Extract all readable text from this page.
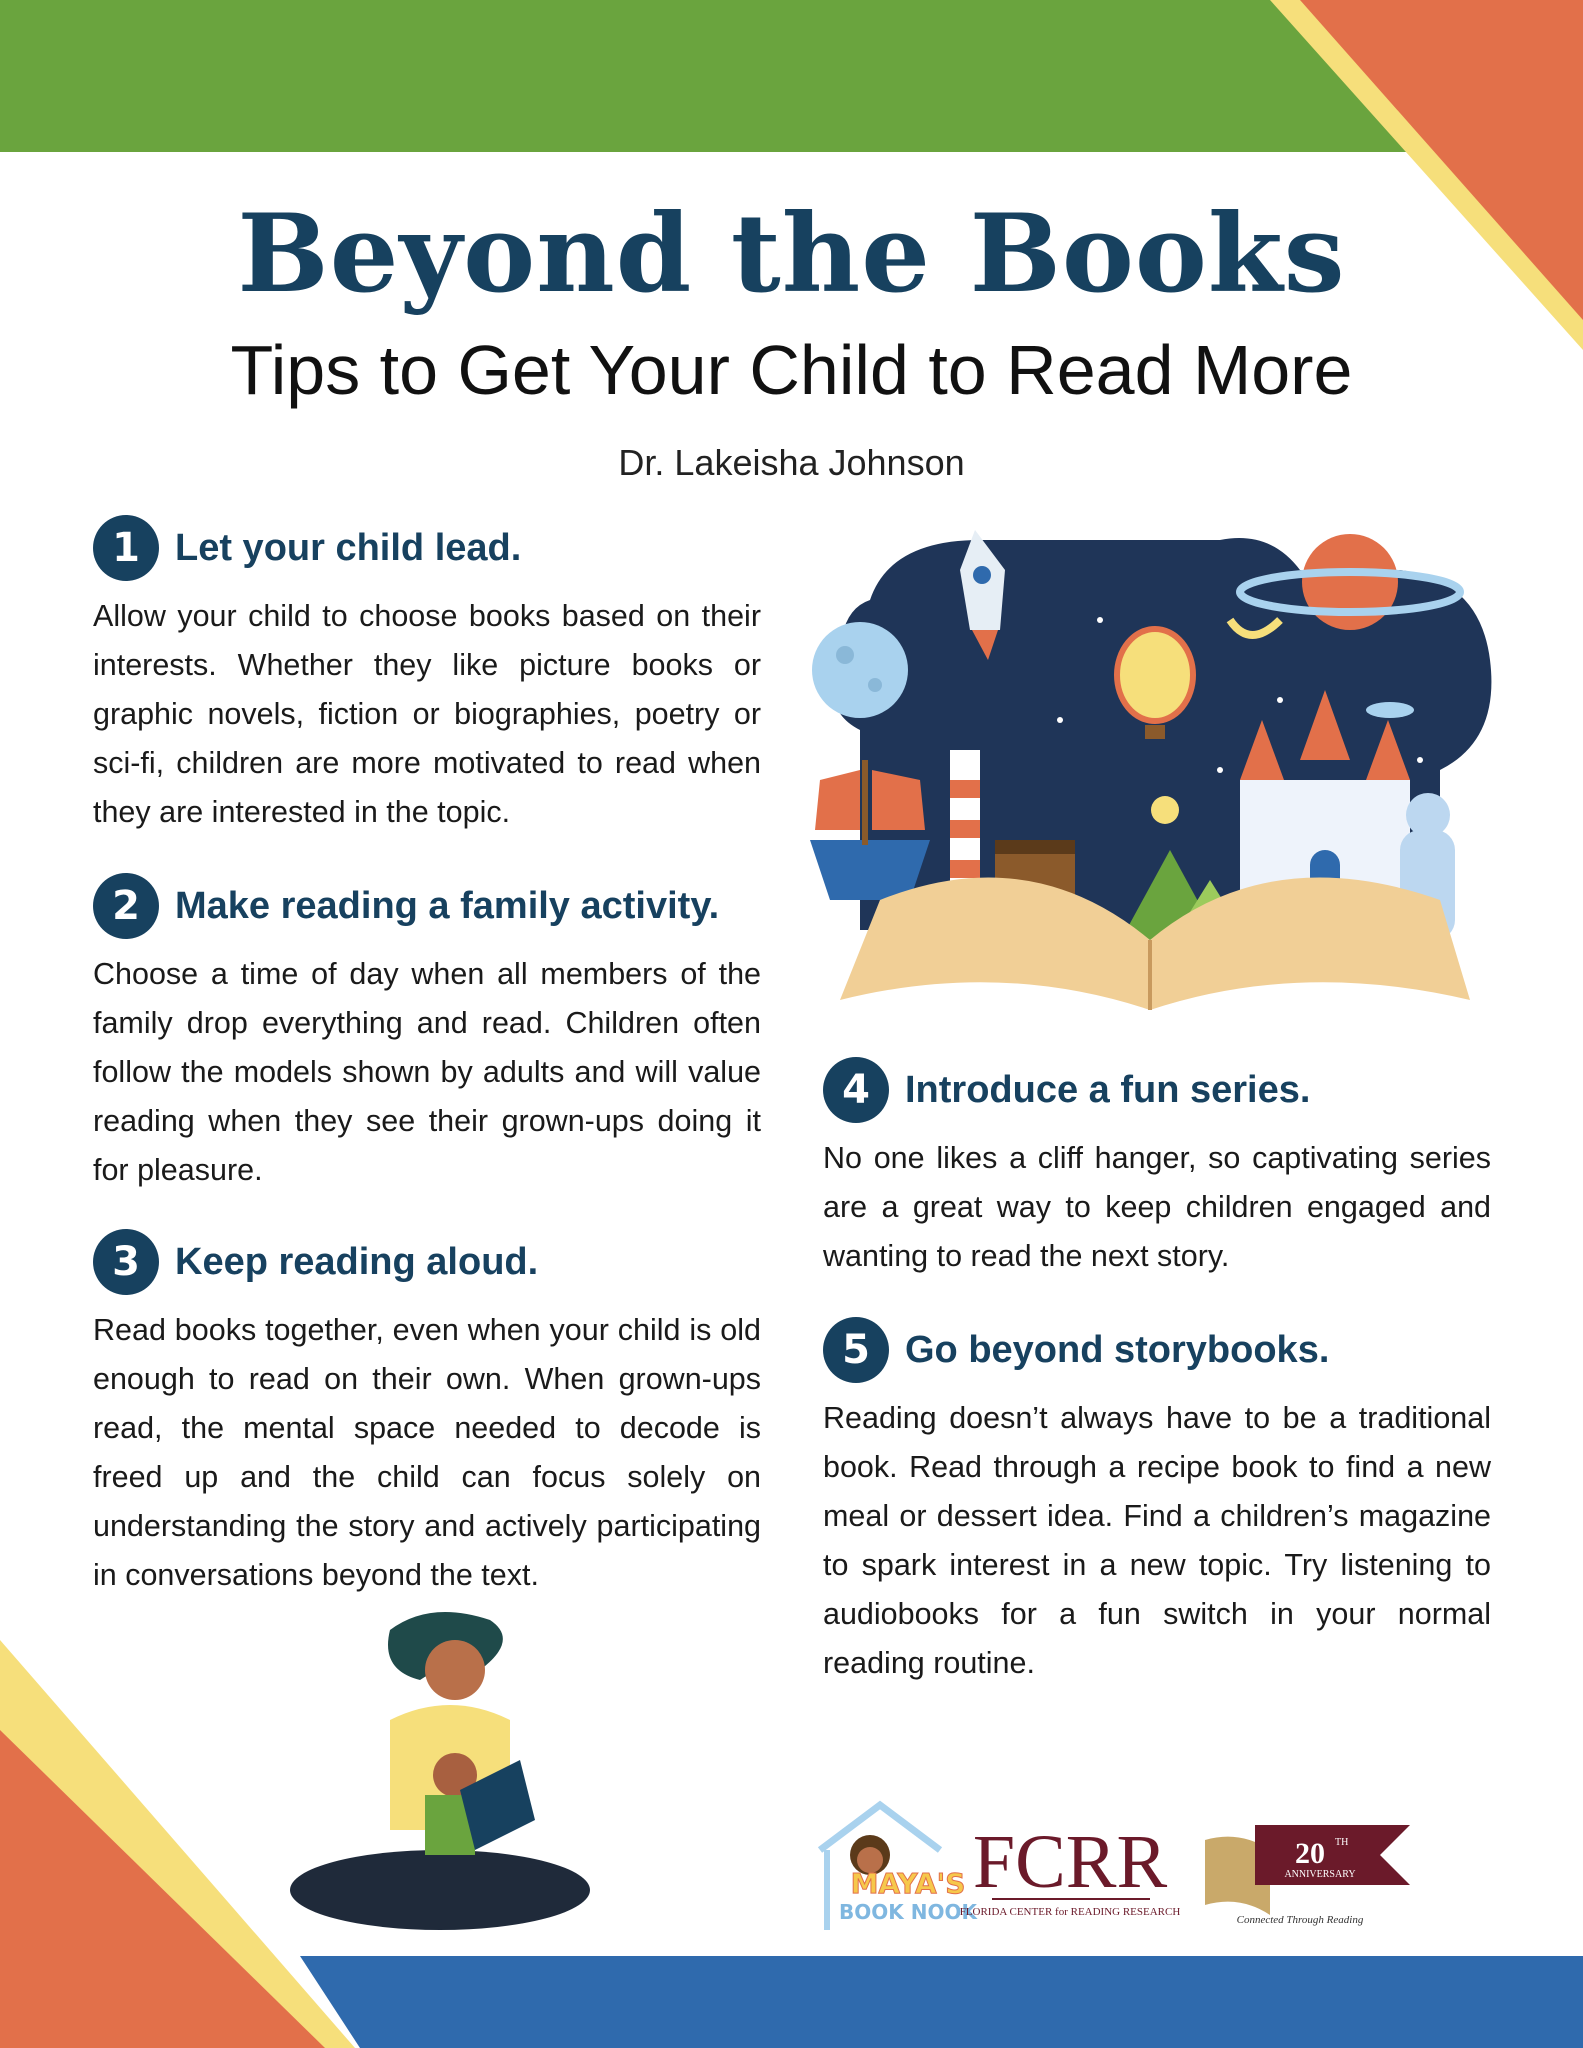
Beyond the Books
Tips to Get Your Child to Read More
Dr. Lakeisha Johnson
1 Let your child lead.
Allow your child to choose books based on their interests. Whether they like picture books or graphic novels, fiction or biographies, poetry or sci-fi, children are more motivated to read when they are interested in the topic.
2 Make reading a family activity.
Choose a time of day when all members of the family drop everything and read. Children often follow the models shown by adults and will value reading when they see their grown-ups doing it for pleasure.
3 Keep reading aloud.
Read books together, even when your child is old enough to read on their own. When grown-ups read, the mental space needed to decode is freed up and the child can focus solely on understanding the story and actively participating in conversations beyond the text.
4 Introduce a fun series.
No one likes a cliff hanger, so captivating series are a great way to keep children engaged and wanting to read the next story.
5 Go beyond storybooks.
Reading doesn’t always have to be a traditional book. Read through a recipe book to find a new meal or dessert idea. Find a children’s magazine to spark interest in a new topic. Try listening to audiobooks for a fun switch in your normal reading routine.
MAYA'S
BOOK NOOK
FCRR
FLORIDA CENTER for READING RESEARCH
20 TH
ANNIVERSARY
Connected Through Reading
